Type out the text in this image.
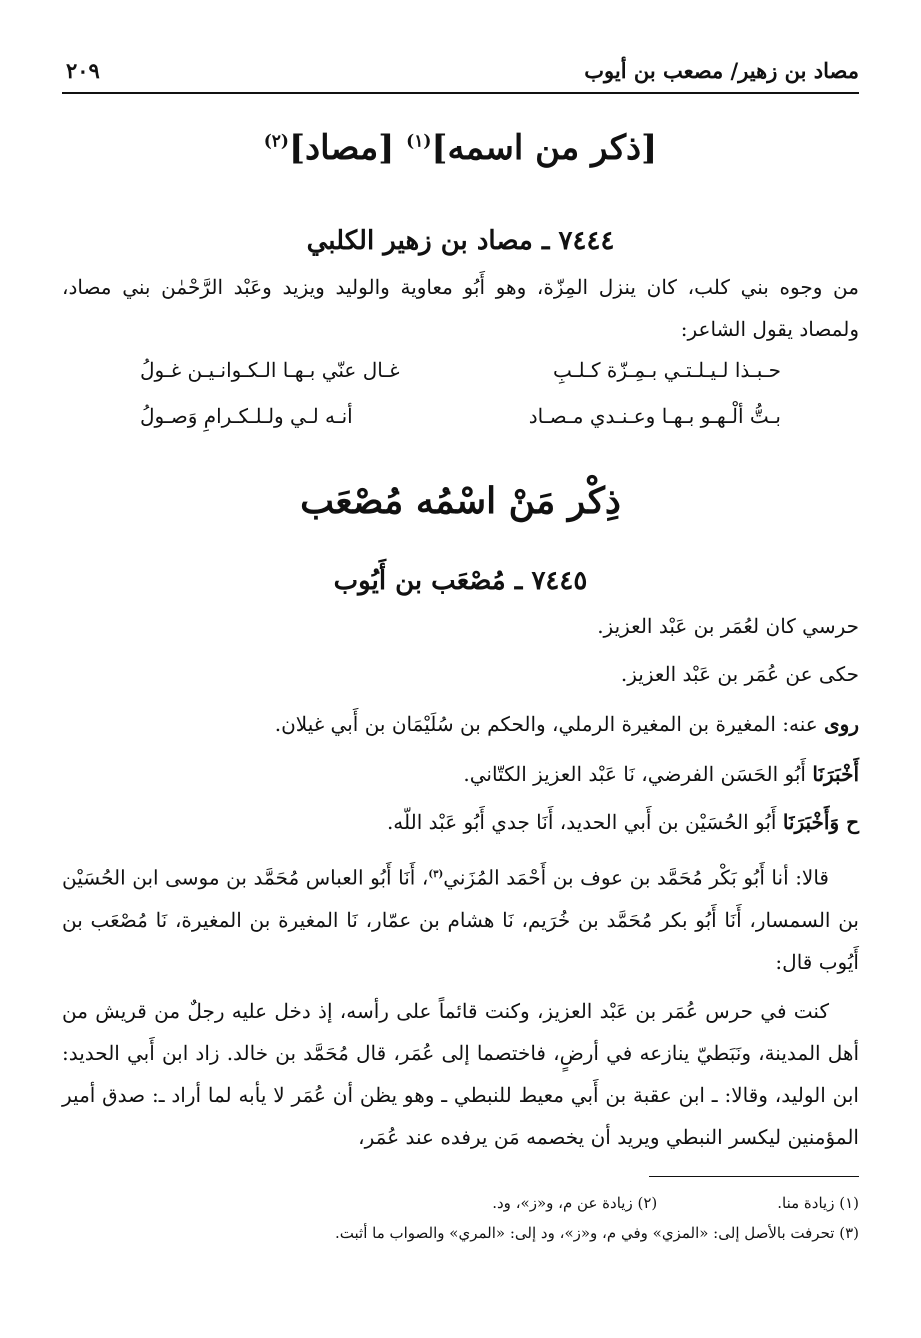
مصاد بن زهير/ مصعب بن أيوب
٢٠٩
[ذكر من اسمه]$^{(١)}$ [مصاد]$^{(٢)}$
٧٤٤٤ ـ مصاد بن زهير الكلبي
من وجوه بني كلب، كان ينزل المِزّة، وهو أَبُو معاوية والوليد ويزيد وعَبْد الرَّحْمٰن بني مصاد، ولمصاد يقول الشاعر:
حـبـذا لـيـلـتـي بـمِـزّة كـلـبِ
غـال عنّي بـهـا الـكـوانـيـن غـولُ
بـتُّ ألْـهـو بـهـا وعـنـدي مـصـاد
أنـه لـي ولـلـكـرامِ وَصـولُ
ذِكْر مَنْ اسْمُه مُصْعَب
٧٤٤٥ ـ مُصْعَب بن أَيُوب
حرسي كان لعُمَر بن عَبْد العزيز.
حكى عن عُمَر بن عَبْد العزيز.
روى عنه: المغيرة بن المغيرة الرملي، والحكم بن سُلَيْمَان بن أَبي غيلان.
أَخْبَرَنَا أَبُو الحَسَن الفرضي، نَا عَبْد العزيز الكتّاني.
ح وَأَخْبَرَنَا أَبُو الحُسَيْن بن أَبي الحديد، أَنَا جدي أَبُو عَبْد اللّه.
قالا: أنا أَبُو بَكْر مُحَمَّد بن عوف بن أَحْمَد المُزَني$^{(٣)}$، أَنَا أَبُو العباس مُحَمَّد بن موسى ابن الحُسَيْن بن السمسار، أَنَا أَبُو بكر مُحَمَّد بن خُرَيم، نَا هشام بن عمّار، نَا المغيرة بن المغيرة، نَا مُصْعَب بن أَيُوب قال:
كنت في حرس عُمَر بن عَبْد العزيز، وكنت قائماً على رأسه، إذ دخل عليه رجلٌ من قريش من أهل المدينة، ونَبَطيّ ينازعه في أرضٍ، فاختصما إلى عُمَر، قال مُحَمَّد بن خالد. زاد ابن أَبي الحديد: ابن الوليد، وقالا: ـ ابن عقبة بن أَبي معيط للنبطي ـ وهو يظن أن عُمَر لا يأبه لما أراد ـ: صدق أمير المؤمنين ليكسر النبطي ويريد أن يخصمه مَن يرفده عند عُمَر،
(١) زيادة منا.(٢) زيادة عن م، و«ز»، ود.
(٣) تحرفت بالأصل إلى: «المزي» وفي م، و«ز»، ود إلى: «المري» والصواب ما أثبت.
